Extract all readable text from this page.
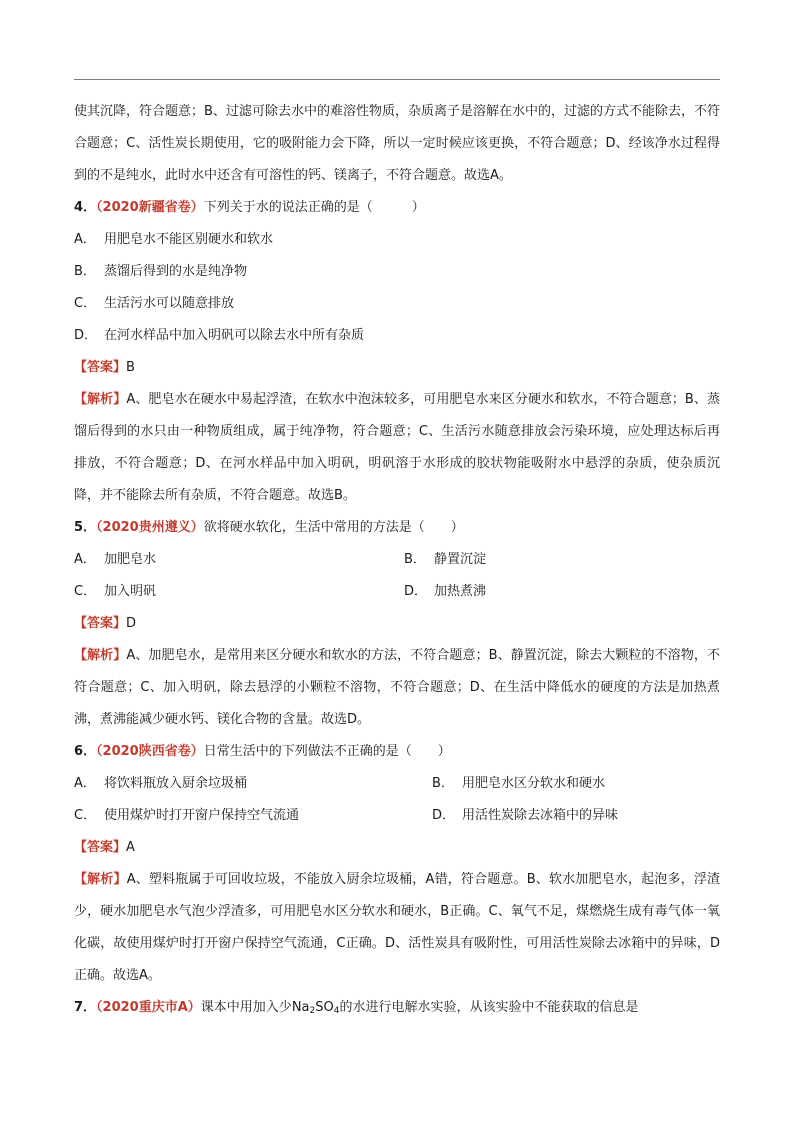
使其沉降，符合题意；B、过滤可除去水中的难溶性物质，杂质离子是溶解在水中的，过滤的方式不能除去，不符合题意；C、活性炭长期使用，它的吸附能力会下降，所以一定时候应该更换，不符合题意；D、经该净水过程得到的不是纯水，此时水中还含有可溶性的钙、镁离子，不符合题意。故选A。

4．（2020新疆省卷）下列关于水的说法正确的是（　　　）

A． 用肥皂水不能区别硬水和软水
B． 蒸馏后得到的水是纯净物
C． 生活污水可以随意排放
D． 在河水样品中加入明矾可以除去水中所有杂质

【答案】B

【解析】A、肥皂水在硬水中易起浮渣，在软水中泡沫较多，可用肥皂水来区分硬水和软水，不符合题意；B、蒸馏后得到的水只由一种物质组成，属于纯净物，符合题意；C、生活污水随意排放会污染环境，应处理达标后再排放，不符合题意；D、在河水样品中加入明矾，明矾溶于水形成的胶状物能吸附水中悬浮的杂质，使杂质沉降，并不能除去所有杂质，不符合题意。故选B。

5．（2020贵州遵义）欲将硬水软化，生活中常用的方法是（　　）

A． 加肥皂水	B． 静置沉淀
C． 加入明矾	D． 加热煮沸

【答案】D

【解析】A、加肥皂水，是常用来区分硬水和软水的方法，不符合题意；B、静置沉淀，除去大颗粒的不溶物，不符合题意；C、加入明矾，除去悬浮的小颗粒不溶物，不符合题意；D、在生活中降低水的硬度的方法是加热煮沸，煮沸能减少硬水钙、镁化合物的含量。故选D。

6．（2020陕西省卷）日常生活中的下列做法不正确的是（　　）

A． 将饮料瓶放入厨余垃圾桶	B． 用肥皂水区分软水和硬水
C． 使用煤炉时打开窗户保持空气流通	D． 用活性炭除去冰箱中的异味

【答案】A

【解析】A、塑料瓶属于可回收垃圾，不能放入厨余垃圾桶，A错，符合题意。B、软水加肥皂水，起泡多，浮渣少，硬水加肥皂水气泡少浮渣多，可用肥皂水区分软水和硬水，B正确。C、氧气不足，煤燃烧生成有毒气体一氧化碳，故使用煤炉时打开窗户保持空气流通，C正确。D、活性炭具有吸附性，可用活性炭除去冰箱中的异味，D正确。故选A。

7．（2020重庆市A）课本中用加入少$Na_2SO_4$的水进行电解水实验，从该实验中不能获取的信息是
